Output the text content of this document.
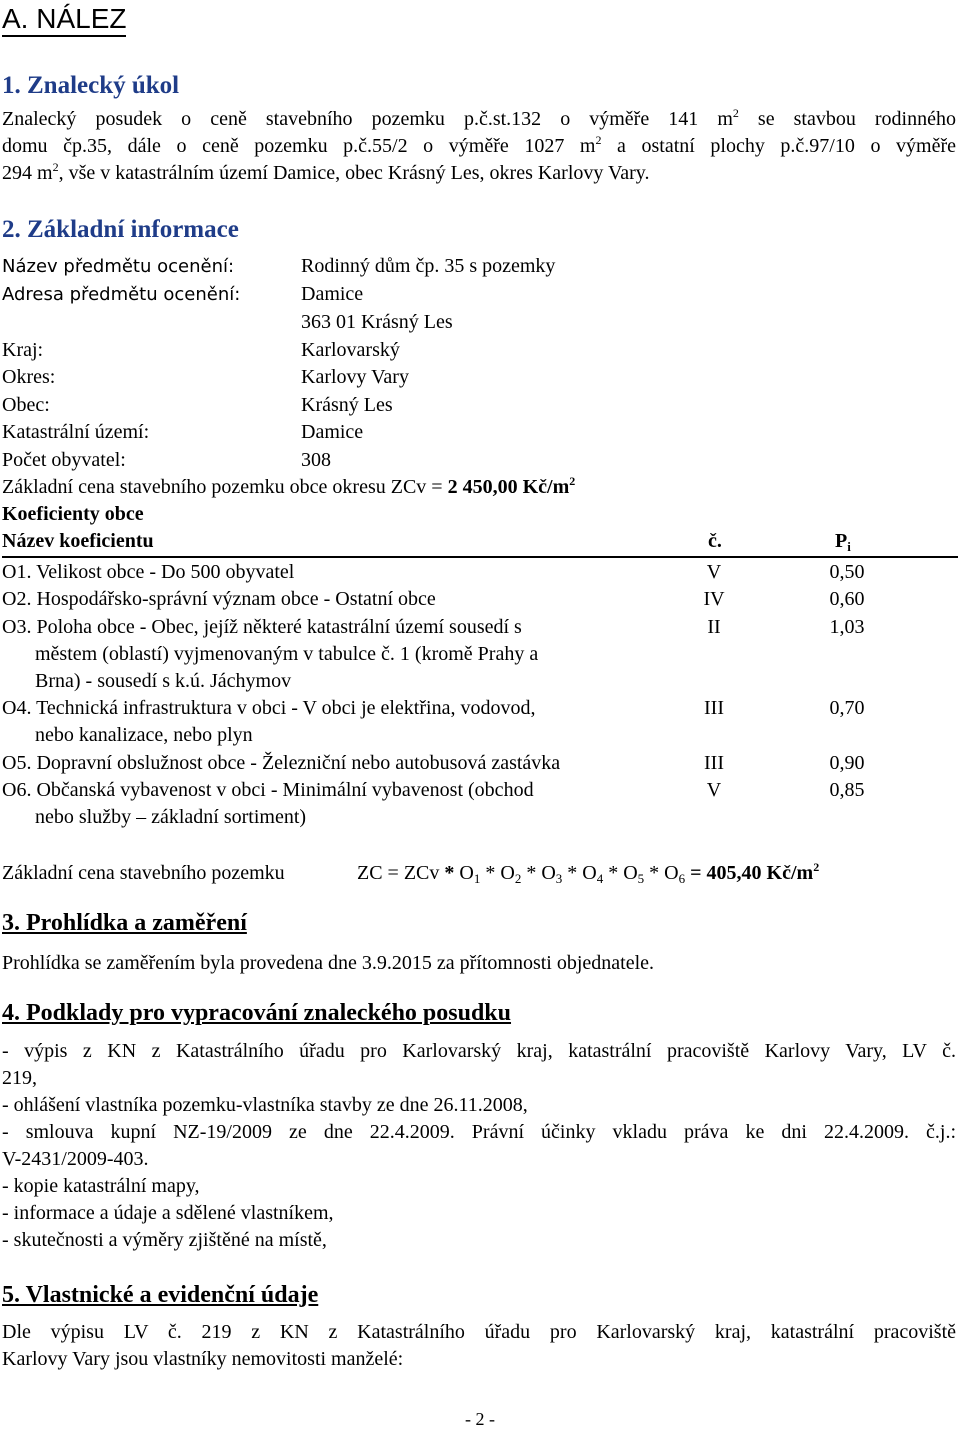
A. NÁLEZ
1. Znalecký úkol
Znalecký posudek o ceně stavebního pozemku p.č.st.132 o výměře 141 $m^2$ se stavbou rodinného
domu čp.35, dále o ceně pozemku p.č.55/2 o výměře 1027 $m^2$ a ostatní plochy p.č.97/10 o výměře
294 $m^2$, vše v katastrálním území Damice, obec Krásný Les, okres Karlovy Vary.
2. Základní informace
Název předmětu ocenění:	Rodinný dům čp. 35 s pozemky
Adresa předmětu ocenění:	Damice
363 01 Krásný Les
Kraj:	Karlovarský
Okres:	Karlovy Vary
Obec:	Krásný Les
Katastrální území:	Damice
Počet obyvatel:	308
Základní cena stavebního pozemku obce okresu ZCv = 2 450,00 $Kč/m^2$
Koeficienty obce
Název koeficientu	č.	$P_i$
O1. Velikost obce - Do 500 obyvatel	V	0,50
O2. Hospodářsko-správní význam obce - Ostatní obce	IV	0,60
O3. Poloha obce - Obec, jejíž některé katastrální území sousedí s
městem (oblastí) vyjmenovaným v tabulce č. 1 (kromě Prahy a
Brna) - sousedí s k.ú. Jáchymov
II	1,03
O4. Technická infrastruktura v obci - V obci je elektřina, vodovod,
nebo kanalizace, nebo plyn
III	0,70
O5. Dopravní obslužnost obce - Železniční nebo autobusová zastávka	III	0,90
O6. Občanská vybavenost v obci - Minimální vybavenost (obchod
nebo služby – základní sortiment)
V	0,85
Základní cena stavebního pozemku	ZC = ZCv * $O_1 * O_2 * O_3 * O_4 * O_5 * O_6 = 405,40$ $Kč/m^2$
3. Prohlídka a zaměření
Prohlídka se zaměřením byla provedena dne 3.9.2015 za přítomnosti objednatele.
4. Podklady pro vypracování znaleckého posudku
- výpis z KN z Katastrálního úřadu pro Karlovarský kraj, katastrální pracoviště Karlovy Vary, LV č.
219,
- ohlášení vlastníka pozemku-vlastníka stavby ze dne 26.11.2008,
- smlouva kupní NZ-19/2009 ze dne 22.4.2009. Právní účinky vkladu práva ke dni 22.4.2009. č.j.:
V-2431/2009-403.
- kopie katastrální mapy,
- informace a údaje a sdělené vlastníkem,
- skutečnosti a výměry zjištěné na místě,
5. Vlastnické a evidenční údaje
Dle výpisu LV č. 219 z KN z Katastrálního úřadu pro Karlovarský kraj, katastrální pracoviště
Karlovy Vary jsou vlastníky nemovitosti manželé:
- 2 -
